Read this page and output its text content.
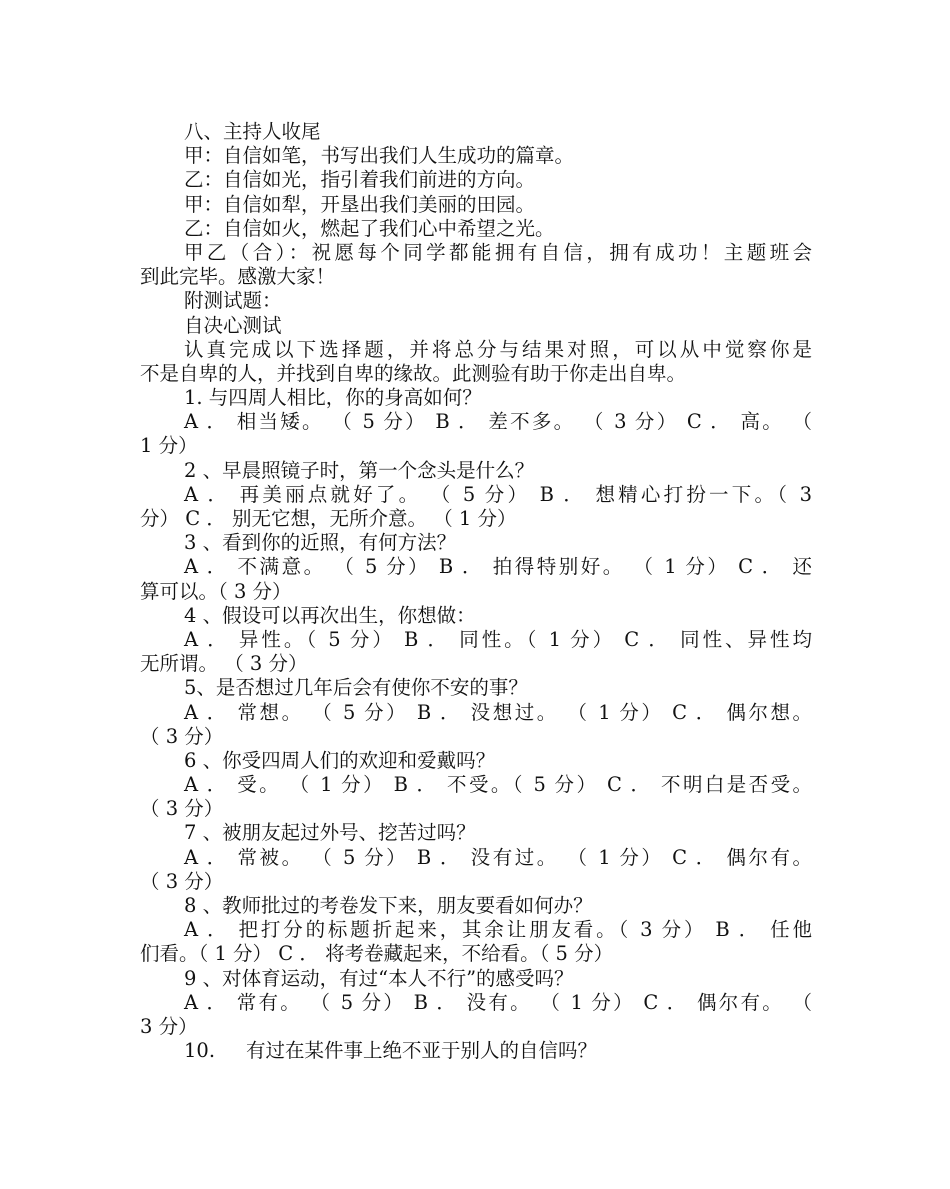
八、主持人收尾
甲：自信如笔，书写出我们人生成功的篇章。
乙：自信如光，指引着我们前进的方向。
甲：自信如犁，开垦出我们美丽的田园。
乙：自信如火，燃起了我们心中希望之光。
甲乙（合）：祝愿每个同学都能拥有自信，拥有成功！主题班会
到此完毕。感激大家！
附测试题：
自决心测试
认真完成以下选择题，并将总分与结果对照，可以从中觉察你是
不是自卑的人，并找到自卑的缘故。此测验有助于你走出自卑。
1. 与四周人相比，你的身高如何？
A ． 相当矮。 （ 5 分） B ． 差不多。 （ 3 分） C ． 高。 （
1 分）
2 、早晨照镜子时，第一个念头是什么？
A ． 再美丽点就好了。 （ 5 分） B ． 想精心打扮一下。（ 3
分） C ． 别无它想，无所介意。 （ 1 分）
3 、看到你的近照，有何方法？
A ． 不满意。 （ 5 分） B ． 拍得特别好。 （ 1 分） C ． 还
算可以。（ 3 分）
4 、假设可以再次出生，你想做：
A ． 异性。（ 5 分） B ． 同性。（ 1 分） C ． 同性、异性均
无所谓。 （ 3 分）
5、是否想过几年后会有使你不安的事？
A ． 常想。 （ 5 分） B ． 没想过。 （ 1 分） C ． 偶尔想。
（ 3 分）
6 、你受四周人们的欢迎和爱戴吗？
A ． 受。 （ 1 分） B ． 不受。（ 5 分） C ． 不明白是否受。
（ 3 分）
7 、被朋友起过外号、挖苦过吗？
A ． 常被。 （ 5 分） B ． 没有过。 （ 1 分） C ． 偶尔有。
（ 3 分）
8 、教师批过的考卷发下来，朋友要看如何办？
A ． 把打分的标题折起来，其余让朋友看。（ 3 分） B ． 任他
们看。（ 1 分） C ． 将考卷藏起来，不给看。（ 5 分）
9 、对体育运动，有过“本人不行”的感受吗？
A ． 常有。 （ 5 分） B ． 没有。 （ 1 分） C ． 偶尔有。 （
3 分）
10.     有过在某件事上绝不亚于别人的自信吗？
